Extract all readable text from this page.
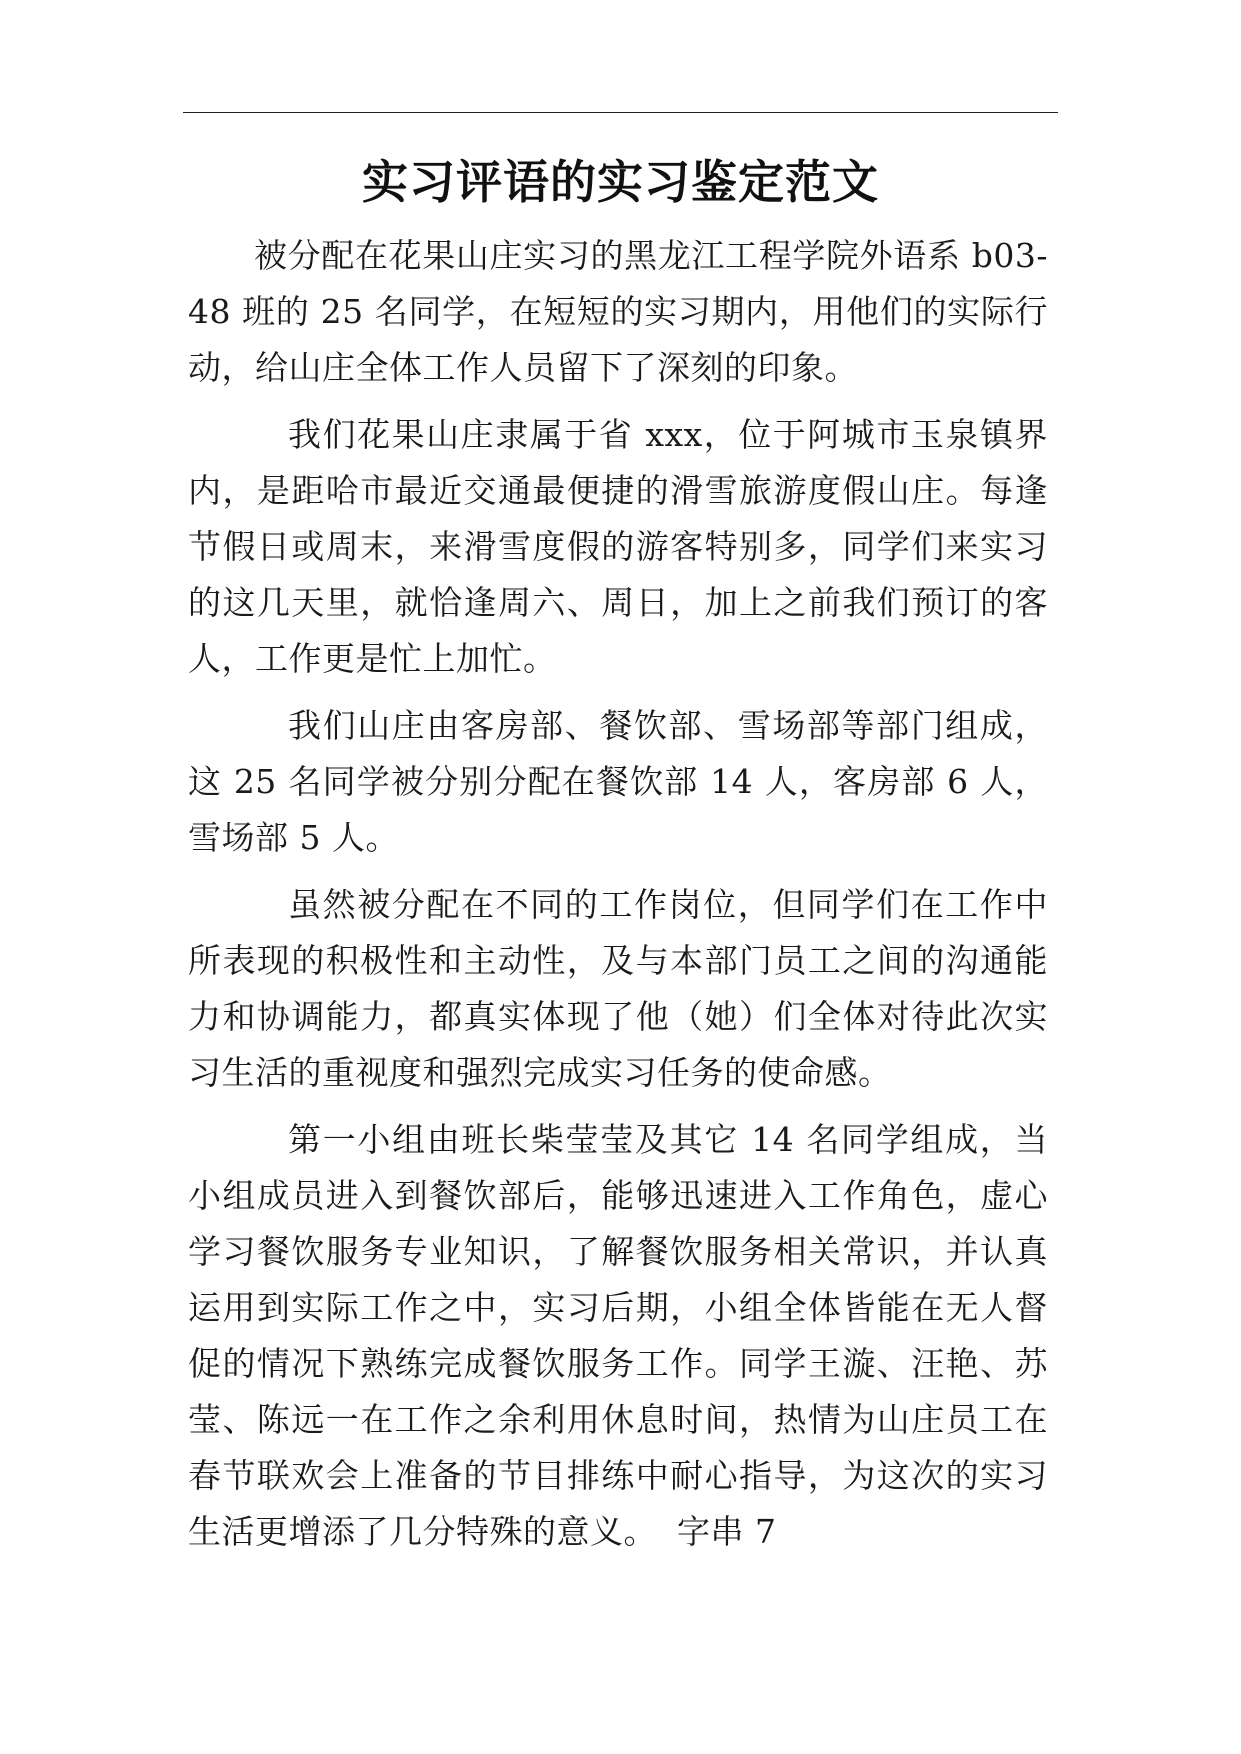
实习评语的实习鉴定范文

被分配在花果山庄实习的黑龙江工程学院外语系 b03-48 班的 25 名同学，在短短的实习期内，用他们的实际行动，给山庄全体工作人员留下了深刻的印象。

我们花果山庄隶属于省 xxx，位于阿城市玉泉镇界内，是距哈市最近交通最便捷的滑雪旅游度假山庄。每逢节假日或周末，来滑雪度假的游客特别多，同学们来实习的这几天里，就恰逢周六、周日，加上之前我们预订的客人，工作更是忙上加忙。

我们山庄由客房部、餐饮部、雪场部等部门组成，这 25 名同学被分别分配在餐饮部 14 人，客房部 6 人，雪场部 5 人。

虽然被分配在不同的工作岗位，但同学们在工作中所表现的积极性和主动性，及与本部门员工之间的沟通能力和协调能力，都真实体现了他（她）们全体对待此次实习生活的重视度和强烈完成实习任务的使命感。

第一小组由班长柴莹莹及其它 14 名同学组成，当小组成员进入到餐饮部后，能够迅速进入工作角色，虚心学习餐饮服务专业知识，了解餐饮服务相关常识，并认真运用到实际工作之中，实习后期，小组全体皆能在无人督促的情况下熟练完成餐饮服务工作。同学王漩、汪艳、苏莹、陈远一在工作之余利用休息时间，热情为山庄员工在春节联欢会上准备的节目排练中耐心指导，为这次的实习生活更增添了几分特殊的意义。 字串 7
